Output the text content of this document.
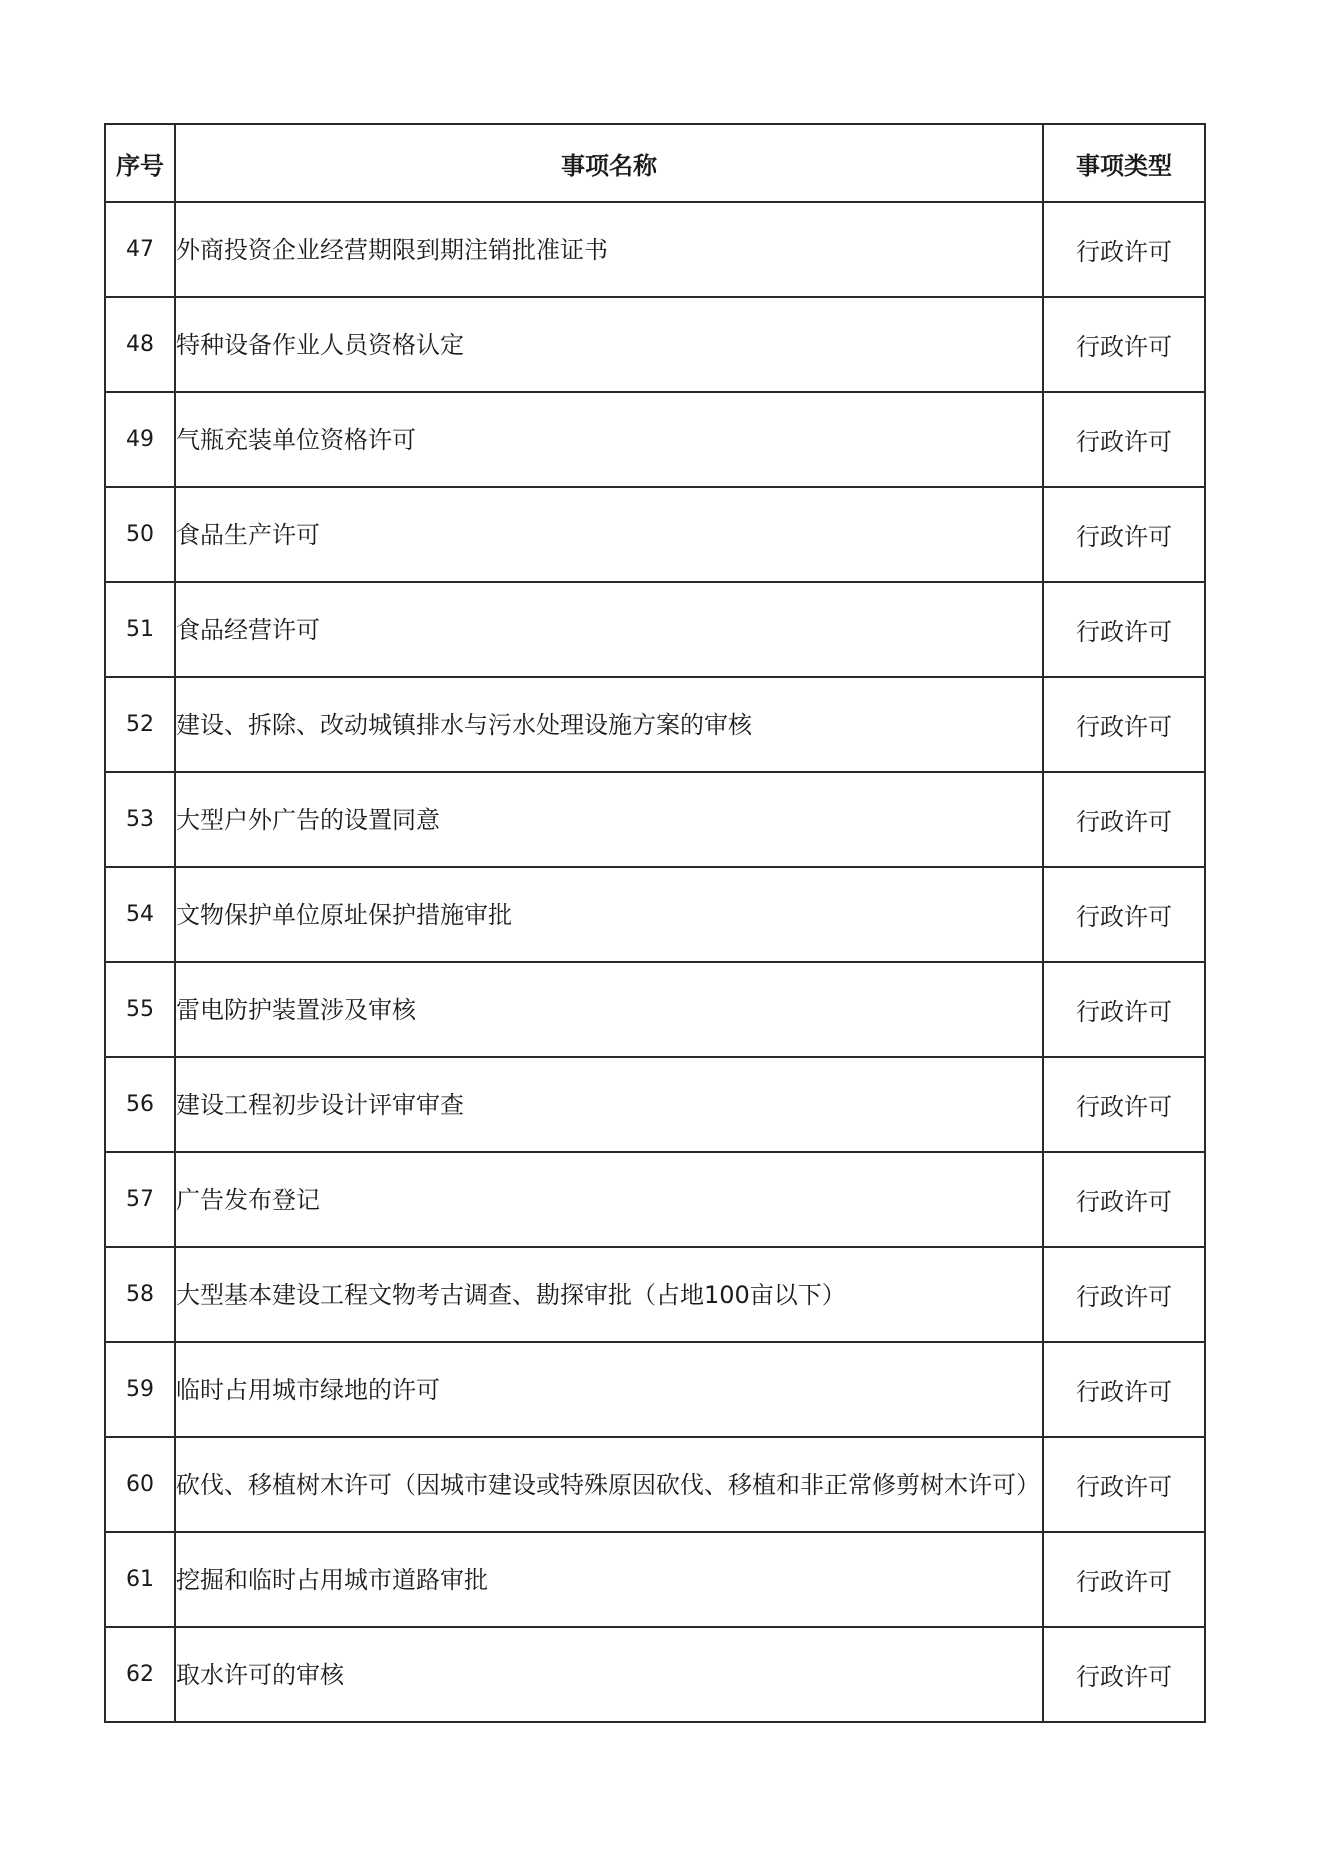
序号	事项名称	事项类型
47	外商投资企业经营期限到期注销批准证书	行政许可
48	特种设备作业人员资格认定	行政许可
49	气瓶充装单位资格许可	行政许可
50	食品生产许可	行政许可
51	食品经营许可	行政许可
52	建设、拆除、改动城镇排水与污水处理设施方案的审核	行政许可
53	大型户外广告的设置同意	行政许可
54	文物保护单位原址保护措施审批	行政许可
55	雷电防护装置涉及审核	行政许可
56	建设工程初步设计评审审查	行政许可
57	广告发布登记	行政许可
58	大型基本建设工程文物考古调查、勘探审批（占地100亩以下）	行政许可
59	临时占用城市绿地的许可	行政许可
60	砍伐、移植树木许可（因城市建设或特殊原因砍伐、移植和非正常修剪树木许可）	行政许可
61	挖掘和临时占用城市道路审批	行政许可
62	取水许可的审核	行政许可
